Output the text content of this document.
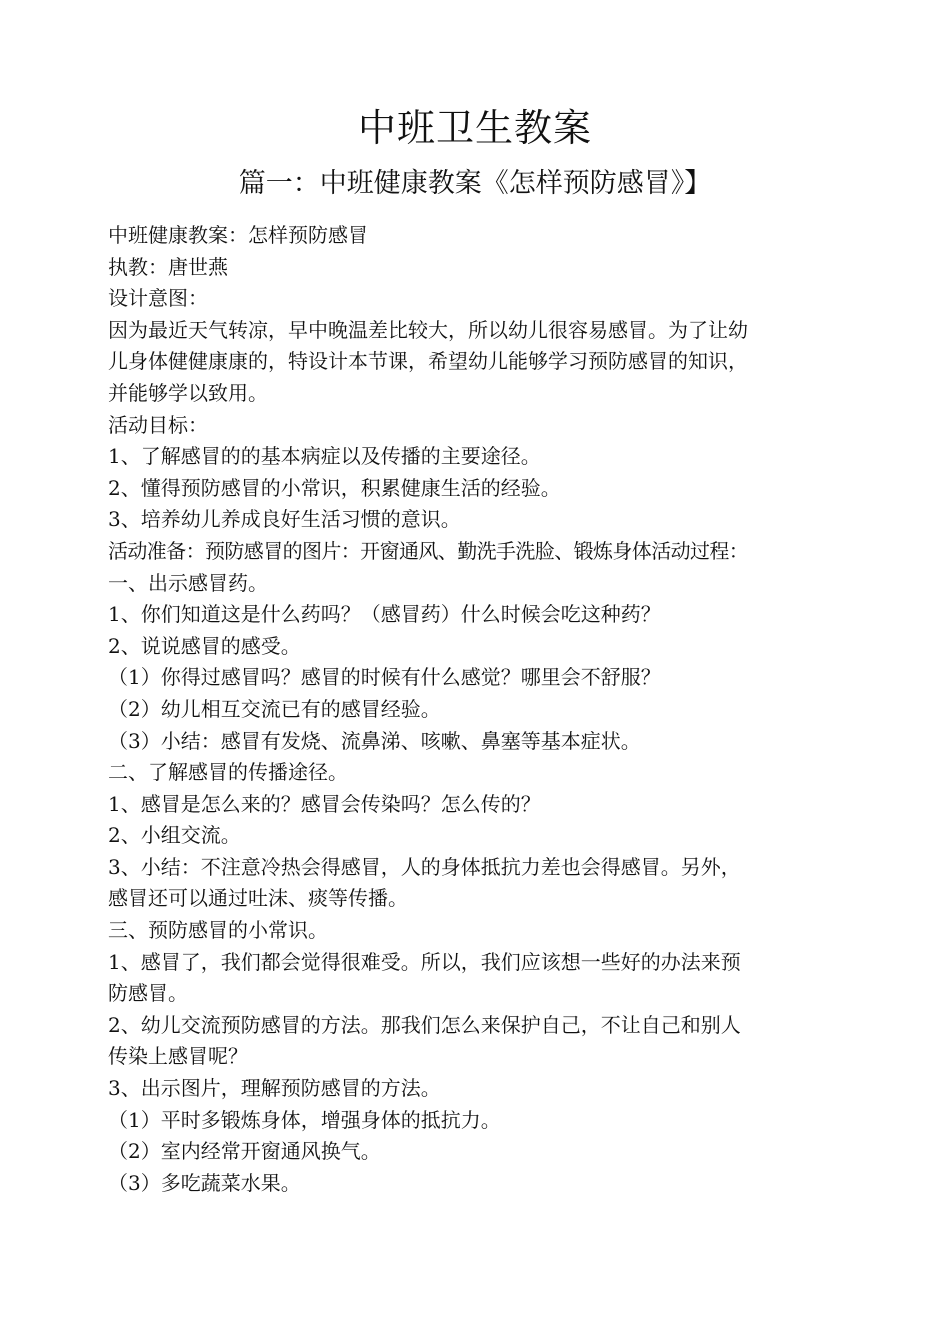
中班卫生教案
篇一：中班健康教案《怎样预防感冒》】
中班健康教案：怎样预防感冒
执教：唐世燕
设计意图：
因为最近天气转凉，早中晚温差比较大，所以幼儿很容易感冒。为了让幼
儿身体健健康康的，特设计本节课，希望幼儿能够学习预防感冒的知识，
并能够学以致用。
活动目标：
1、了解感冒的的基本病症以及传播的主要途径。
2、懂得预防感冒的小常识，积累健康生活的经验。
3、培养幼儿养成良好生活习惯的意识。
活动准备：预防感冒的图片：开窗通风、勤洗手洗脸、锻炼身体活动过程：
一、出示感冒药。
1、你们知道这是什么药吗？（感冒药）什么时候会吃这种药？
2、说说感冒的感受。
（1）你得过感冒吗？感冒的时候有什么感觉？哪里会不舒服？
（2）幼儿相互交流已有的感冒经验。
（3）小结：感冒有发烧、流鼻涕、咳嗽、鼻塞等基本症状。
二、了解感冒的传播途径。
1、感冒是怎么来的？感冒会传染吗？怎么传的？
2、小组交流。
3、小结：不注意冷热会得感冒，人的身体抵抗力差也会得感冒。另外，
感冒还可以通过吐沫、痰等传播。
三、预防感冒的小常识。
1、感冒了，我们都会觉得很难受。所以，我们应该想一些好的办法来预
防感冒。
2、幼儿交流预防感冒的方法。那我们怎么来保护自己，不让自己和别人
传染上感冒呢？
3、出示图片，理解预防感冒的方法。
（1）平时多锻炼身体，增强身体的抵抗力。
（2）室内经常开窗通风换气。
（3）多吃蔬菜水果。
